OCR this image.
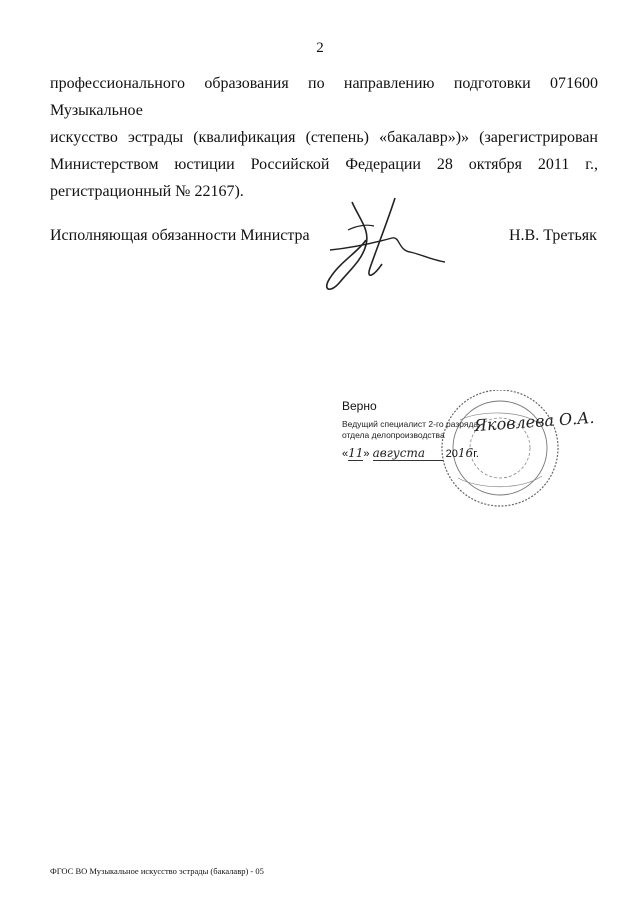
2
профессионального образования по направлению подготовки 071600 Музыкальное
искусство эстрады (квалификация (степень) «бакалавр»)» (зарегистрирован
Министерством юстиции Российской Федерации 28 октября 2011 г.,
регистрационный № 22167).
Исполняющая обязанности Министра	Н.В. Третьяк
Верно
Ведущий специалист 2-го разряда
отдела делопроизводства Яковлева О.А.
«11» августа 2016г.
ФГОС ВО Музыкальное искусство эстрады (бакалавр) - 05
